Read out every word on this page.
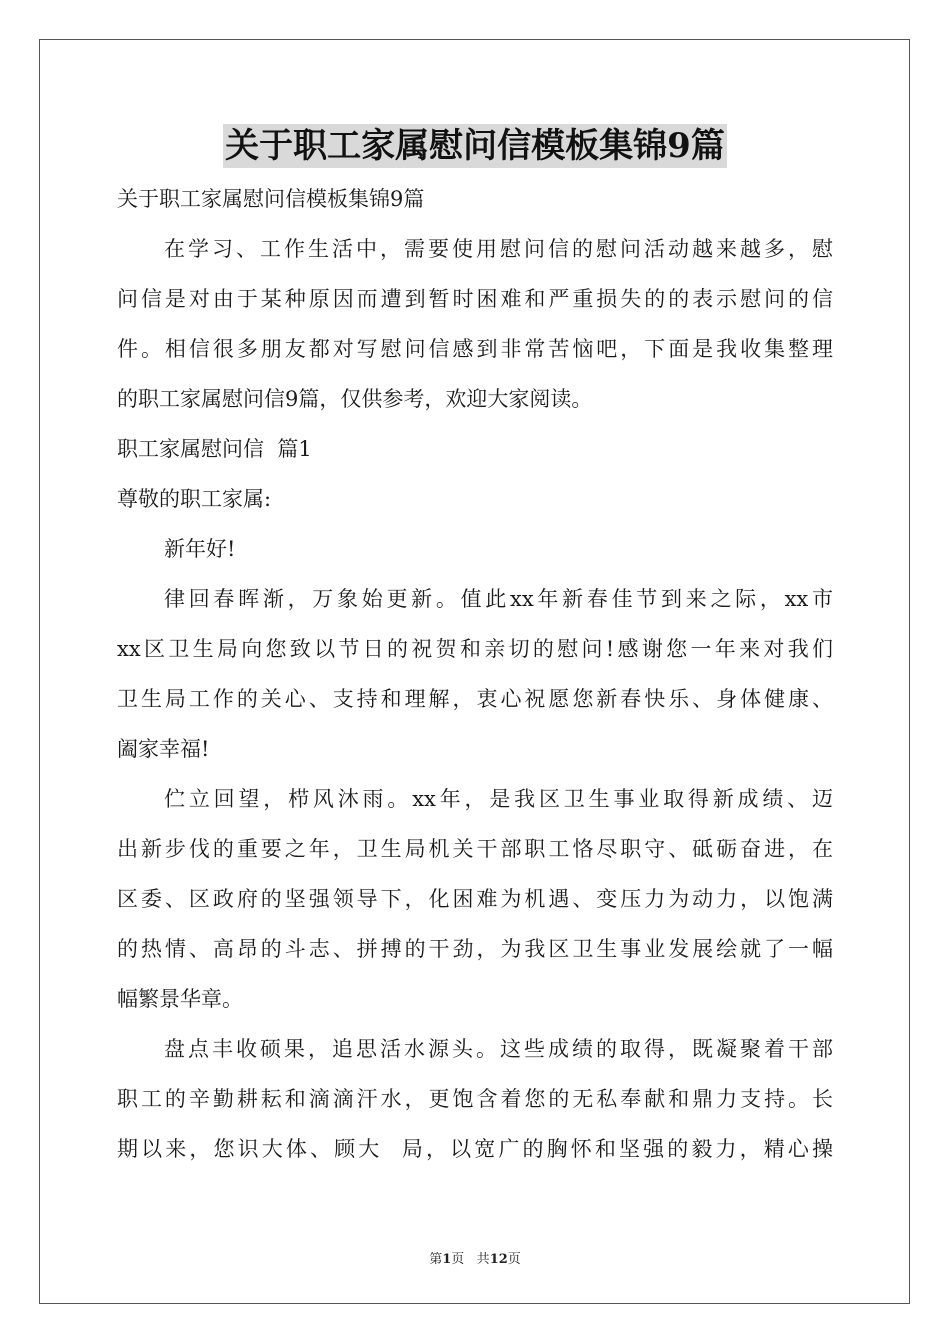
关于职工家属慰问信模板集锦9篇
关于职工家属慰问信模板集锦9篇
在学习、工作生活中，需要使用慰问信的慰问活动越来越多，慰
问信是对由于某种原因而遭到暂时困难和严重损失的的表示慰问的信
件。相信很多朋友都对写慰问信感到非常苦恼吧，下面是我收集整理
的职工家属慰问信9篇，仅供参考，欢迎大家阅读。
职工家属慰问信  篇1
尊敬的职工家属:
新年好!
律回春晖渐，万象始更新。值此xx年新春佳节到来之际，xx市
xx区卫生局向您致以节日的祝贺和亲切的慰问!感谢您一年来对我们
卫生局工作的关心、支持和理解，衷心祝愿您新春快乐、身体健康、
阖家幸福!
伫立回望，栉风沐雨。xx年，是我区卫生事业取得新成绩、迈
出新步伐的重要之年，卫生局机关干部职工恪尽职守、砥砺奋进，在
区委、区政府的坚强领导下，化困难为机遇、变压力为动力，以饱满
的热情、高昂的斗志、拼搏的干劲，为我区卫生事业发展绘就了一幅
幅繁景华章。
盘点丰收硕果，追思活水源头。这些成绩的取得，既凝聚着干部
职工的辛勤耕耘和滴滴汗水，更饱含着您的无私奉献和鼎力支持。长
期以来，您识大体、顾大  局，以宽广的胸怀和坚强的毅力，精心操
第1页 共12页
